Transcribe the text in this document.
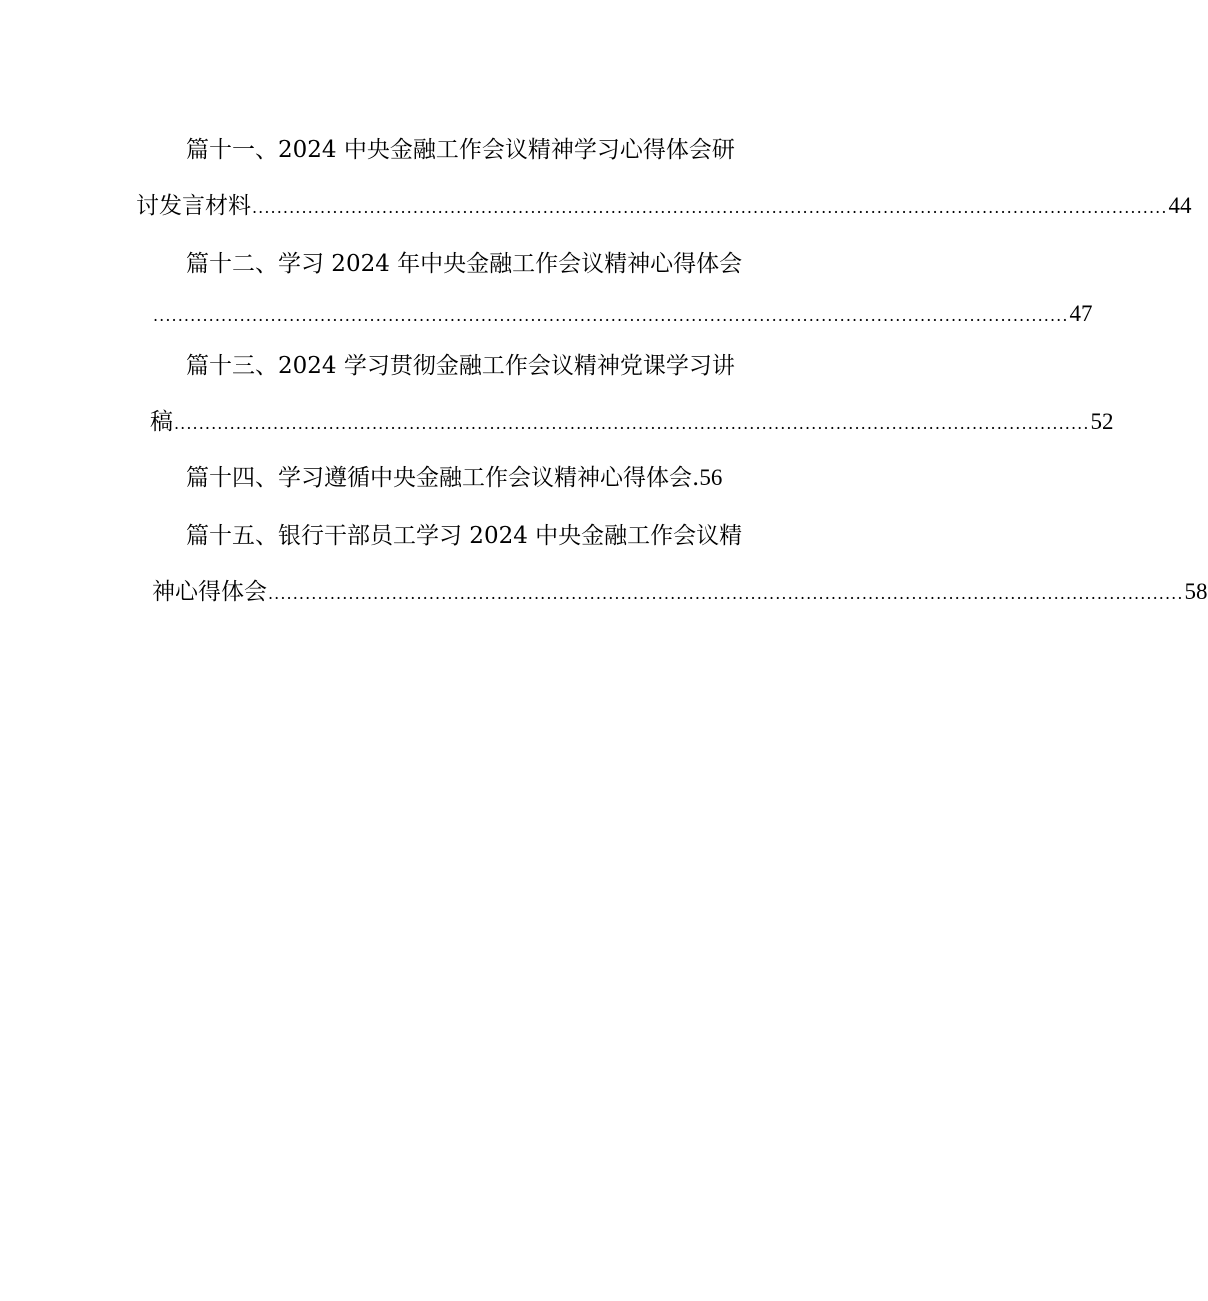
篇十一、2024 中央金融工作会议精神学习心得体会研
讨发言材料 .................................................................................................................................................... 44
篇十二、学习 2024 年中央金融工作会议精神心得体会
.................................................................................................................................................... 47
篇十三、2024 学习贯彻金融工作会议精神党课学习讲
稿 .................................................................................................................................................... 52
篇十四、学习遵循中央金融工作会议精神心得体会 . 56
篇十五、银行干部员工学习 2024 中央金融工作会议精
神心得体会 .................................................................................................................................................... 58
